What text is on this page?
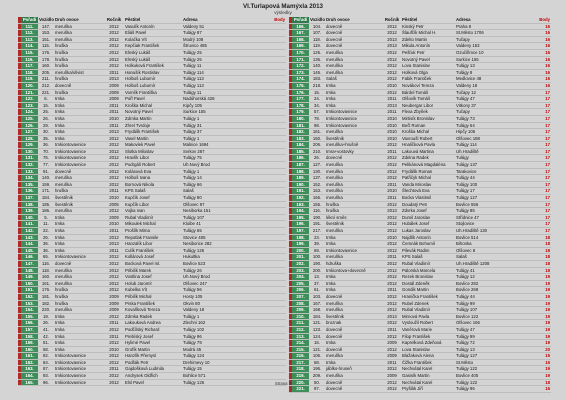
VI.Turlapová Mamýxla 2013
výsledky
	Pořadí	Vozidlo	Druh ovoce	Ročník	Pěstitel	Adresa	Body
	111.	147.	meruňka	2012	Vasulík Antonín	Valdeny 51	
	112.	153.	meruňka	2012	Eliáš Pavel	Tulágy 87	
	113.	151.	meruňka	2012	Kolačka Vít	Modrý 108	
	114.	115.	hruška	2012	Kepčiak František	Štruvico 485	
	115.	176.	hruška	2012	Elnský Lukáš	Tulágy 25	
	116.	178.	hruška	2012	Elnský Lukáš	Tulágy 25	
	117.	160.	hruška	2012	Holkuková František	Tulágy 11	
	118.	205.	meruňka/slívist	2011	Hanušík Rostislav	Tulágy 114	
	119.	211.	hruška	2013	Holboš Lubomír	Tulágy 113	
	120.	212.	dovecně	2009	Holboš Lubomír	Tulágy 113	
	121.	221.	hruška	2009	Vomlík Františka	Tulágy 11	
	122.	6.	trnka	2009	Pořl Pavel	Nadúhorská 428	
	123.	15.	trnka	2011	Kroška Michal	Kipčy 105	
	124.	25.	trnka	2011	Novotný Pavel	Surkice 155	
	125.	26.	trnka	2010	Zdrnka Martin	Tulágy 1	
	126.	29.	trnka	2011	Zhrel Tvrdoje	Tulágy 31	
	127.	30.	trnka	2013	Frydášk František	Tulágy 37	
	128.	35.	trnka	2012	Vasel Martin	Tulágy 1	
	129.	36.	trnkiontovavnice	2012	Makovlek Pavel	Malnice 1694	
	130.	70.	trnkiontovavnice	2012	Slotka Miloslav	Svrkov 287	
	131.	76.	trnkiontovavnice	2012	Hravlík Libor	Tulágy 75	
	132.	77.	trnkiontovavnice	2012	Podrgáš Robert	Uh.Nový Brod	
	133.	91.	dovecně	2012	Kolásová Eva	Tulágy 1	
	134.	140.	meruňka	2012	Holboš Ivana	Tulágy 14	
	135.	159.	meruňka	2012	Bornová Nikola	Tulágy 66	
	136.	171.	hruška	2011	KPS Salaš	Salaš	
	137.	184.	švestěnik	2010	Kupčík Josef	Tulágy 80	
	138.	185.	švestěnik	2005	Kupčík Libor	Olšovec 97	
	139.	186.	meruňka	2012	Vojka Ivan	Nesiborka 151	
	140.	5.	trnka	2009	Rubal Vladimír	Tulágy 107	
	141.	11.	trnka	2010	Mikoulek Michal	Kloibe 41	
	142.	22.	trnka	2011	Prošlík Mima	Tulágy 65	
	143.	26.	trnka	2012	Repotlak Fransile	Stovice 485	
	144.	36.	trnka	2013	Hanzalík Libor	Nesiborice 282	
	145.	36.	trnka	2011	Culík František	Tulágy 126	
	146.	65.	trnkiontovavnice	2012	Kollárová Josef	Hukultka	
	147.	116.	dovecně	2012	Bocková Pavel ml.	Bovlice 523	
	148.	118.	meruňka	2012	Pribilík Marek	Tulágy 26	
	149.	160.	meruňka	2012	Vostlina Josef	Uh.Nový Brod	
	150.	161.	meruňka	2012	Holub Jaromír	Olšovec 247	
	151.	176.	hruška	2012	Kubelka Vít	Tulágy 56	
	152.	181.	hruška	2009	Pribilík Michal	Hosty 105	
	153.	182.	hruška	2009	Prska František	Okvin 80	
	154.	220.	meruňka	2009	Kovalíková Tereza	Valdeny 18	
	155.	19.	trnka	2012	Zdrnka Radek	Tulágy 1	
	156.	26.	trnka	2011	Lakouková Andrea	Zlechni 162	
	157.	41.	trnka	2012	Podčílský Richard	Tulágy 102	
	158.	42.	trnka	2011	Prebíský Josef	Tulágy 96	
	159.	51.	trnka	2012	Hylimé Pavel	Tulágy 79	
	160.	58.	trnka	2010	Grofík Martin	Modrá 45	
	161.	82.	trnkiontovavnice	2012	Hanzlík Přemysl	Tulágy 124	
	162.	84.	trnkiontovavnice	2012	Podšák Petr	Drehimevy 10	
	163.	87.	trnkiontovavnice	2011	Gajdošková Ludmila	Tulágy 15	
	164.	93.	trnkiontovavnice	2012	Andrysek Oldřich	Bohlice 571	
	165.	96.	trnkiontovavnice	2012	Elsl Pavel	Tulágy 126	
	Pořadí	Vozidlo	Druh ovoce	Ročník	Pěstitel	Adresa	Body
	166.	104.	dovecně	2012	Kinský Petr	Praha 8	16
	167.	107.	dovecně	2012	Šlaufčík Michal H.	St.Město 1706	16
	168.	118.	dovecně	2013	Zdelto Martin	Tučapy	16
	169.	119.	dovecně	2013	Mikula Antonín	Valdeny 153	16
	170.	125.	meruňka	2012	Pešťuk Petr	Ozučiřimce 10	16
	171.	136.	meruňka	2012	Novotný Pavel	Surkice 155	16
	172.	140.	meruňka	2012	Lova Stanislav	Tulágy 13	16
	173.	146.	meruňka	2012	Holková Olga	Tulágy 8	16
	174.	183.	Salaš	2012	Fabik Frantiček	Medlovice 48	16
	175.	218.	trnka	2010	Novákoví Tereza	Valdeny 18	16
	176.	15.	trnka	2012	Bárdel Tomáš	Tučapy 12	17
	177.	24.	trnka	2011	Olšovík Tomáš	Tulágy 47	17
	178.	34.	trnka	2013	Neubergar Libor	Vitkony 37	17
	179.	57.	trnkiontovavnice	2011	Flexa Zbyňek	Tučapy	17
	180.	78.	trnkiontovavnice	2010	Mirtisík Bronislav	Tulágy 73	17
	181.	98.	trnkiontovavnice	2010	Bečl Roman	Tulágy 64	17
	182.	161.	meruňka	2010	Kroška Michal	Hipčy 105	17
	183.	150.	švestěnik	2010	Vavroušl Robert	Olšovec 188	17
	184.	206.	meruňka+hrušně	2012	Hnaličková Pavla	Tulágy 114	17
	185.	210.	tmra+vostovky	2011	Lakouvá Martina	Uh.Hradiště	17
	186.	26.	dovecně	2012	Zdelna Radek	Tulágy	17
	187.	127.	meruňka	2012	Pelikánová Magdaléna	Tulágy 137	17
	188.	130.	meruňka	2012	Frydášk Roman	Tarakovice	17
	189.	137.	meruňka	2012	Patřičyk Michal	Tulágy 44	17
	190.	152.	meruňka	2011	Vanda Miroslav	Tulágy 100	17
	191.	153.	meruňka	2010	Šlechtová Eva	Tulágy 17	17
	192.	166.	meruňka	2011	Bocka Vlastimil	Tulágy 127	17
	193.	155.	hruška	2012	Doudatý Petr	Bovlice 556	17
	194.	116.	hruška	2013	Zdvrka Josef	Tulágy 85	17
	195.	190.	lékní směs	2012	Dumil Jaroslav	Střídnice 47	17
	196.	191.	švestěnik	2012	Hubálek Josef	Stojlovice	17
	197.	217.	meruňka	2012	Lukas Jaroslav	Uh.Hradiště 130	17
	198.	23.	trnka	2010	Najdlík Antonín	Bovlice 514	18
	199.	39.	trnka	2012	Čemnák Bohumil	Bihonka	18
	200.	69.	trnkiontovavnice	2012	Pilevák Radim	Olšovec 8	18
	201.	100.	meruňka	2011	KPS Salaš	Salaš	18
	202.	190.	hdruška	2012	Rubal Vladimír	Uh.Hradiště 1208	18
	203.	200.	trnkiontova+dovecně	2012	Palorská Marcela	Tulágy 41	18
	204.	13.	trnka	2012	Rezek Bronislav	Tulágy 12	19
	205.	37.	trnka	2012	Dostál Zdeněk	Bovlice 282	19
	206.	61.	trnka	2011	Gondik Martin	Bovlice 268	19
	207.	103.	dovecně	2012	Hranička František	Tulágy 44	19
	208.	167.	meruňka	2012	Rubel Zdenek	Tulágy 99	19
	209.	168.	meruňka	2012	Rubal Vladimír	Tulágy 107	19
	210.	184.	švestěnik	2013	Mirnová Pavla	Bovlice 122	19
	211.	121.	broznak	2012	Vysloužil Robert	Olšovec 166	19
	212.	123.	dovecně	2011	Vaněrová Marie	Tulágy 47	19
	213.	124.	dovecně	2012	Filop František	Tulágy 99	19
	214.	16.	trnka	2009	Kaprelková Zdeňová	Tulágy 72	19
	215.	121.	dovecně	2012	Lova Stanislav	Tulágy 13	20
	216.	106.	meruňka	2009	Blažaková Alena	Tulágy 127	15
	217.	68.	trnka	2011	Čižka František	St.Město	16
	218.	196.	jáblko-hruseň	2012	Nechvátal Karel	Tulágy 122	19
	219.	209.	meruňka	2009	Gasisík Martin	Bovlice 405	19
	220.	50.	dovecně	2012	Nechvátal Karel	Tulágy 122	18
	221.	97.	dovecně	2012	Pryšlák Jiří	Tulágy 96	16
Strana 3
